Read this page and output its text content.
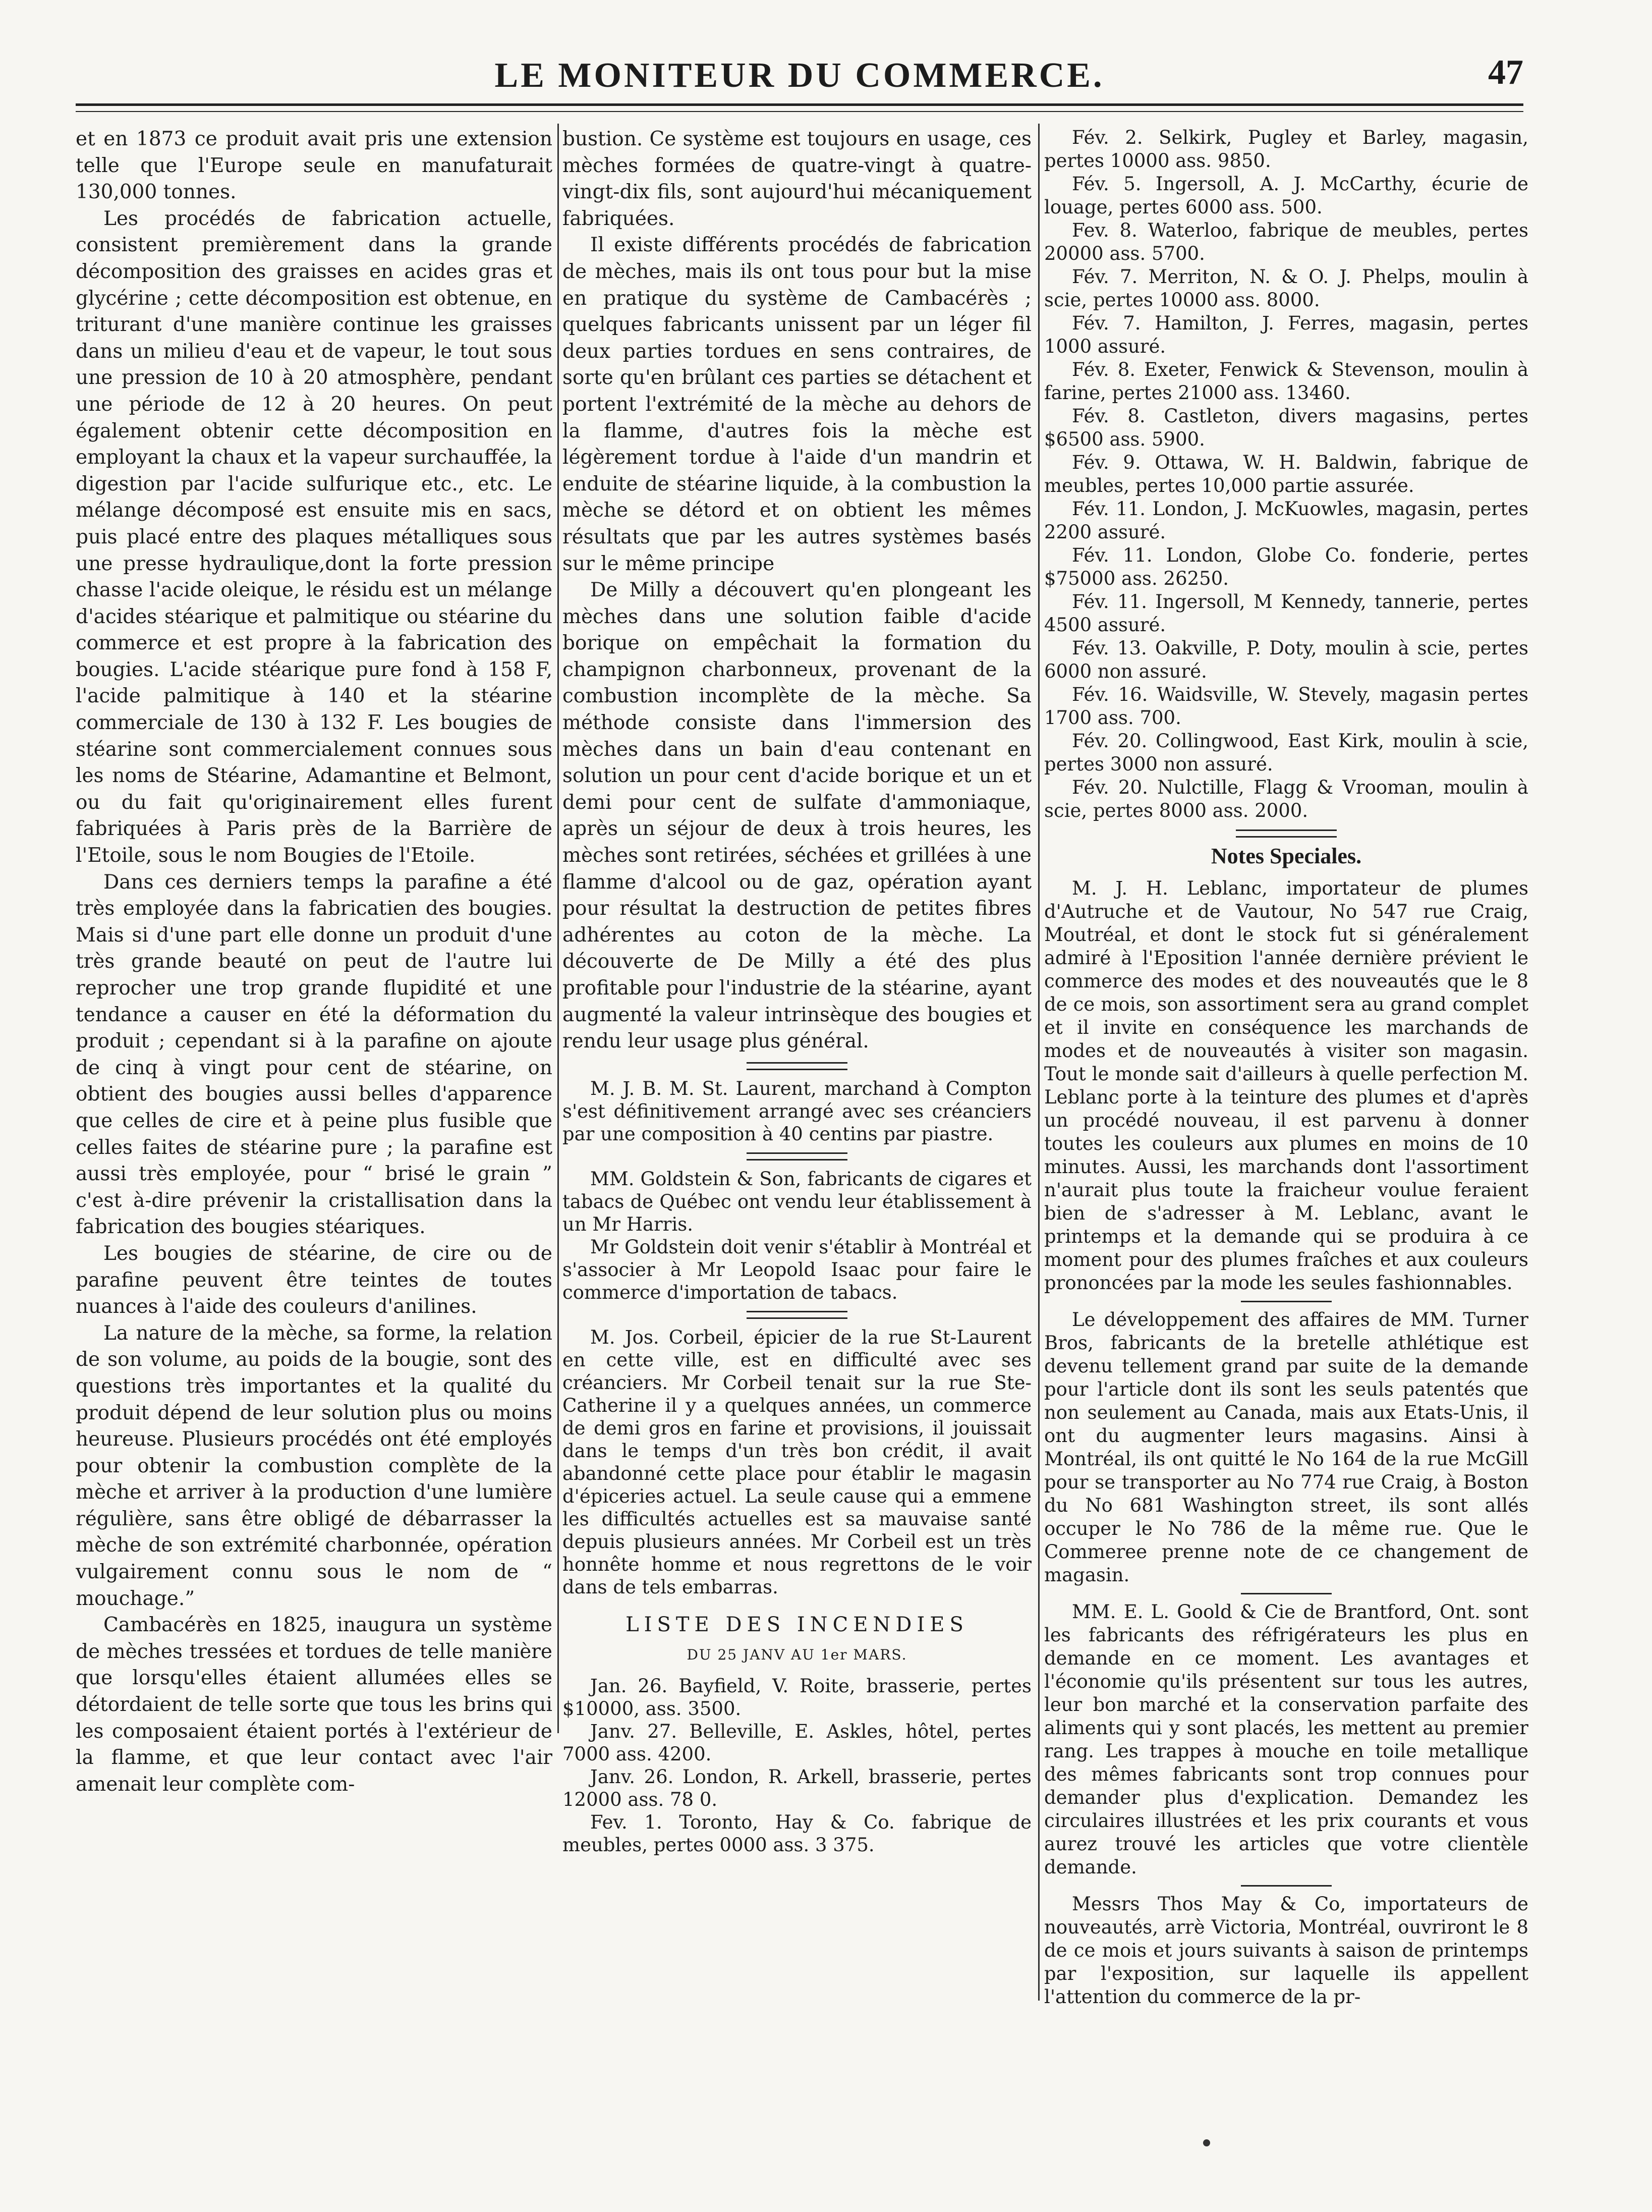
LE MONITEUR DU COMMERCE.	47

et en 1873 ce produit avait pris une extension telle que l'Europe seule en manufaturait 130,000 tonnes.

Les procédés de fabrication actuelle, consistent premièrement dans la grande décomposition des graisses en acides gras et glycérine ; cette décomposition est obtenue, en triturant d'une manière continue les graisses dans un milieu d'eau et de vapeur, le tout sous une pression de 10 à 20 atmosphère, pendant une période de 12 à 20 heures. On peut également obtenir cette décomposition en employant la chaux et la vapeur surchauffée, la digestion par l'acide sulfurique etc., etc. Le mélange décomposé est ensuite mis en sacs, puis placé entre des plaques métalliques sous une presse hydraulique,dont la forte pression chasse l'acide oleique, le résidu est un mélange d'acides stéarique et palmitique ou stéarine du commerce et est propre à la fabrication des bougies. L'acide stéarique pure fond à 158 F, l'acide palmitique à 140 et la stéarine commerciale de 130 à 132 F. Les bougies de stéarine sont commercialement connues sous les noms de Stéarine, Adamantine et Belmont, ou du fait qu'originairement elles furent fabriquées à Paris près de la Barrière de l'Etoile, sous le nom Bougies de l'Etoile.

Dans ces derniers temps la parafine a été très employée dans la fabricatien des bougies. Mais si d'une part elle donne un produit d'une très grande beauté on peut de l'autre lui reprocher une trop grande flupidité et une tendance a causer en été la déformation du produit ; cependant si à la parafine on ajoute de cinq à vingt pour cent de stéarine, on obtient des bougies aussi belles d'apparence que celles de cire et à peine plus fusible que celles faites de stéarine pure ; la parafine est aussi très employée, pour “ brisé le grain ” c'est à-dire prévenir la cristallisation dans la fabrication des bougies stéariques.

Les bougies de stéarine, de cire ou de parafine peuvent être teintes de toutes nuances à l'aide des couleurs d'anilines.

La nature de la mèche, sa forme, la relation de son volume, au poids de la bougie, sont des questions très importantes et la qualité du produit dépend de leur solution plus ou moins heureuse. Plusieurs procédés ont été employés pour obtenir la combustion complète de la mèche et arriver à la production d'une lumière régulière, sans être obligé de débarrasser la mèche de son extrémité charbonnée, opération vulgairement connu sous le nom de “ mouchage.”

Cambacérès en 1825, inaugura un système de mèches tressées et tordues de telle manière que lorsqu'elles étaient allumées elles se détordaient de telle sorte que tous les brins qui les composaient étaient portés à l'extérieur de la flamme, et que leur contact avec l'air amenait leur complète com-

bustion. Ce système est toujours en usage, ces mèches formées de quatre-vingt à quatre-vingt-dix fils, sont aujourd'hui mécaniquement fabriquées.

Il existe différents procédés de fabrication de mèches, mais ils ont tous pour but la mise en pratique du système de Cambacérès ; quelques fabricants unissent par un léger fil deux parties tordues en sens contraires, de sorte qu'en brûlant ces parties se détachent et portent l'extrémité de la mèche au dehors de la flamme, d'autres fois la mèche est légèrement tordue à l'aide d'un mandrin et enduite de stéarine liquide, à la combustion la mèche se détord et on obtient les mêmes résultats que par les autres systèmes basés sur le même principe

De Milly a découvert qu'en plongeant les mèches dans une solution faible d'acide borique on empêchait la formation du champignon charbonneux, provenant de la combustion incomplète de la mèche. Sa méthode consiste dans l'immersion des mèches dans un bain d'eau contenant en solution un pour cent d'acide borique et un et demi pour cent de sulfate d'ammoniaque, après un séjour de deux à trois heures, les mèches sont retirées, séchées et grillées à une flamme d'alcool ou de gaz, opération ayant pour résultat la destruction de petites fibres adhérentes au coton de la mèche. La découverte de De Milly a été des plus profitable pour l'industrie de la stéarine, ayant augmenté la valeur intrinsèque des bougies et rendu leur usage plus général.

M. J. B. M. St. Laurent, marchand à Compton s'est définitivement arrangé avec ses créanciers par une composition à 40 centins par piastre.

MM. Goldstein & Son, fabricants de cigares et tabacs de Québec ont vendu leur établissement à un Mr Harris.

Mr Goldstein doit venir s'établir à Montréal et s'associer à Mr Leopold Isaac pour faire le commerce d'importation de tabacs.

M. Jos. Corbeil, épicier de la rue St-Laurent en cette ville, est en difficulté avec ses créanciers. Mr Corbeil tenait sur la rue Ste-Catherine il y a quelques années, un commerce de demi gros en farine et provisions, il jouissait dans le temps d'un très bon crédit, il avait abandonné cette place pour établir le magasin d'épiceries actuel. La seule cause qui a emmene les difficultés actuelles est sa mauvaise santé depuis plusieurs années. Mr Corbeil est un très honnête homme et nous regrettons de le voir dans de tels embarras.

LISTE DES INCENDIES
DU 25 JANV AU 1er MARS.

Jan. 26. Bayfield, V. Roite, brasserie, pertes $10000, ass. 3500.

Janv. 27. Belleville, E. Askles, hôtel, pertes 7000 ass. 4200.

Janv. 26. London, R. Arkell, brasserie, pertes 12000 ass. 78 0.

Fev. 1. Toronto, Hay & Co. fabrique de meubles, pertes 0000 ass. 3 375.

Fév. 2. Selkirk, Pugley et Barley, magasin, pertes 10000 ass. 9850.

Fév. 5. Ingersoll, A. J. McCarthy, écurie de louage, pertes 6000 ass. 500.

Fev. 8. Waterloo, fabrique de meubles, pertes 20000 ass. 5700.

Fév. 7. Merriton, N. & O. J. Phelps, moulin à scie, pertes 10000 ass. 8000.

Fév. 7. Hamilton, J. Ferres, magasin, pertes 1000 assuré.

Fév. 8. Exeter, Fenwick & Stevenson, moulin à farine, pertes 21000 ass. 13460.

Fév. 8. Castleton, divers magasins, pertes $6500 ass. 5900.

Fév. 9. Ottawa, W. H. Baldwin, fabrique de meubles, pertes 10,000 partie assurée.

Fév. 11. London, J. McKuowles, magasin, pertes 2200 assuré.

Fév. 11. London, Globe Co. fonderie, pertes $75000 ass. 26250.

Fév. 11. Ingersoll, M Kennedy, tannerie, pertes 4500 assuré.

Fév. 13. Oakville, P. Doty, moulin à scie, pertes 6000 non assuré.

Fév. 16. Waidsville, W. Stevely, magasin pertes 1700 ass. 700.

Fév. 20. Collingwood, East Kirk, moulin à scie, pertes 3000 non assuré.

Fév. 20. Nulctille, Flagg & Vrooman, moulin à scie, pertes 8000 ass. 2000.

Notes Speciales.

M. J. H. Leblanc, importateur de plumes d'Autruche et de Vautour, No 547 rue Craig, Moutréal, et dont le stock fut si généralement admiré à l'Eposition l'année dernière prévient le commerce des modes et des nouveautés que le 8 de ce mois, son assortiment sera au grand complet et il invite en conséquence les marchands de modes et de nouveautés à visiter son magasin. Tout le monde sait d'ailleurs à quelle perfection M. Leblanc porte à la teinture des plumes et d'après un procédé nouveau, il est parvenu à donner toutes les couleurs aux plumes en moins de 10 minutes. Aussi, les marchands dont l'assortiment n'aurait plus toute la fraicheur voulue feraient bien de s'adresser à M. Leblanc, avant le printemps et la demande qui se produira à ce moment pour des plumes fraîches et aux couleurs prononcées par la mode les seules fashionnables.

Le développement des affaires de MM. Turner Bros, fabricants de la bretelle athlétique est devenu tellement grand par suite de la demande pour l'article dont ils sont les seuls patentés que non seulement au Canada, mais aux Etats-Unis, il ont du augmenter leurs magasins. Ainsi à Montréal, ils ont quitté le No 164 de la rue McGill pour se transporter au No 774 rue Craig, à Boston du No 681 Washington street, ils sont allés occuper le No 786 de la même rue. Que le Commeree prenne note de ce changement de magasin.

MM. E. L. Goold & Cie de Brantford, Ont. sont les fabricants des réfrigérateurs les plus en demande en ce moment. Les avantages et l'économie qu'ils présentent sur tous les autres, leur bon marché et la conservation parfaite des aliments qui y sont placés, les mettent au premier rang. Les trappes à mouche en toile metallique des mêmes fabricants sont trop connues pour demander plus d'explication. Demandez les circulaires illustrées et les prix courants et vous aurez trouvé les articles que votre clientèle demande.

Messrs Thos May & Co, importateurs de nouveautés, arrè Victoria, Montréal, ouvriront le 8 de ce mois et jours suivants à saison de printemps par l'exposition, sur laquelle ils appellent l'attention du commerce de la pr-
